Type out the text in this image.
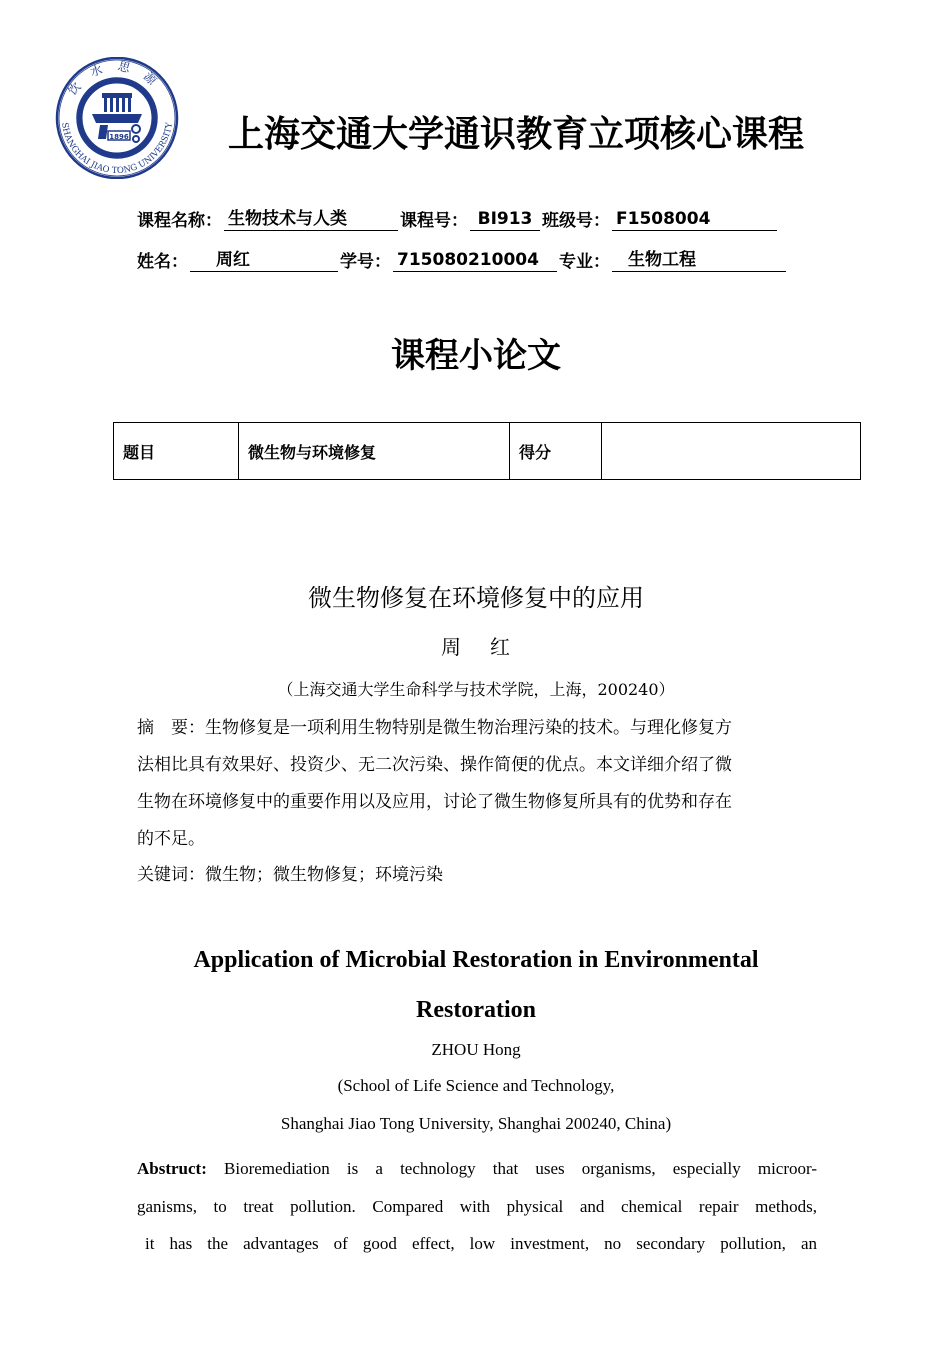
1896
饮水思源
SHANGHAI JIAO TONG UNIVERSITY 上海交通大学通识教育立项核心课程
课程名称： 生物技术与人类	课程号： BI913 班级号： F1508004
姓名：	周红	学号： 715080210004	专业：	生物工程
课程小论文
题目	微生物与环境修复	得分
微生物修复在环境修复中的应用
周 红
（上海交通大学生命科学与技术学院，上海，200240）
摘　要：生物修复是一项利用生物特别是微生物治理污染的技术。与理化修复方
法相比具有效果好、投资少、无二次污染、操作简便的优点。本文详细介绍了微
生物在环境修复中的重要作用以及应用，讨论了微生物修复所具有的优势和存在
的不足。
关键词：微生物；微生物修复；环境污染
Application of Microbial Restoration in Environmental Restoration
ZHOU Hong
(School of Life Science and Technology,
Shanghai Jiao Tong University, Shanghai 200240, China)
Abstruct: Bioremediation is a technology that uses organisms, especially microor-
ganisms, to treat pollution. Compared with physical and chemical repair methods,
it has the advantages of good effect, low investment, no secondary pollution, an
